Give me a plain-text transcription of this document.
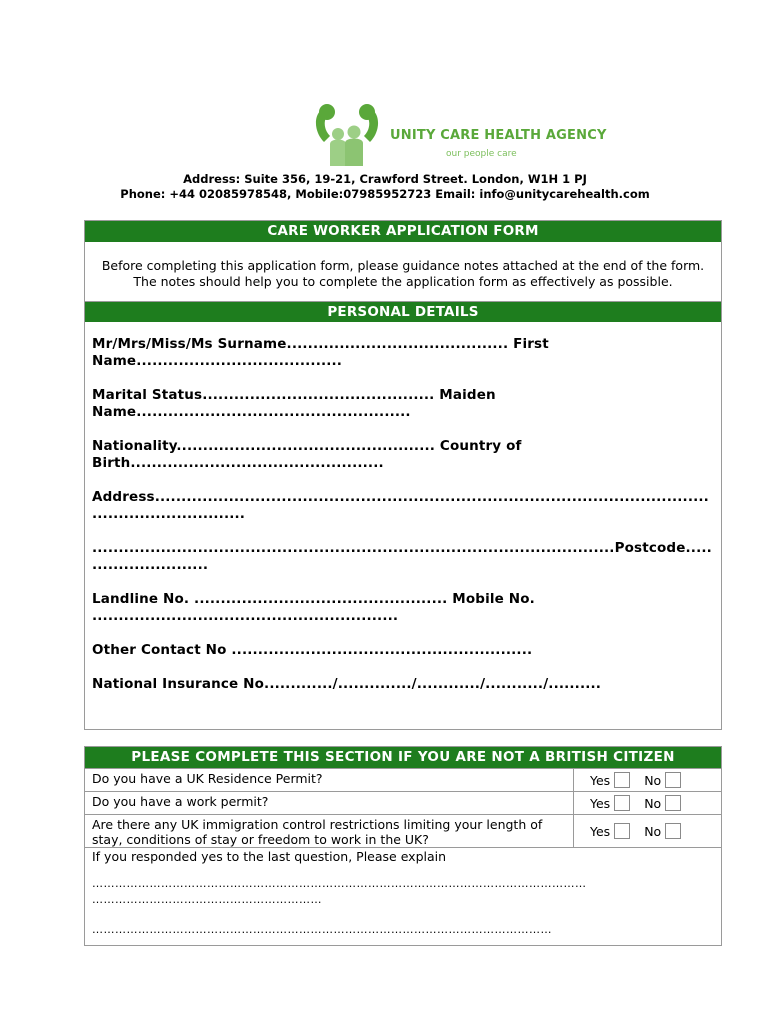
UNITY CARE HEALTH AGENCY
our people care
Address: Suite 356, 19-21, Crawford Street. London, W1H 1 PJ
Phone: +44 02085978548, Mobile:07985952723 Email: info@unitycarehealth.com
CARE WORKER APPLICATION FORM
Before completing this application form, please guidance notes attached at the end of the form. The notes should help you to complete the application form as effectively as possible.
PERSONAL DETAILS
Mr/Mrs/Miss/Ms Surname.......................................... First Name.......................................
Marital Status............................................ Maiden Name....................................................
Nationality................................................. Country of Birth................................................
Address......................................................................................................................................
...................................................................................................Postcode...........................
Landline No. ................................................ Mobile No. ..........................................................
Other Contact No .........................................................
National Insurance No............./............../............/.........../..........
PLEASE COMPLETE THIS SECTION IF YOU ARE NOT A BRITISH CITIZEN
Do you have a UK Residence Permit?	Yes	No
Do you have a work permit?	Yes	No
Are there any UK immigration control restrictions limiting your length of stay, conditions of stay or freedom to work in the UK?
Yes	No
If you responded yes to the last question, Please explain
…………………………………………………………………………………………………………………
……………………………………………………
…………………………………………………………………………………………………………
